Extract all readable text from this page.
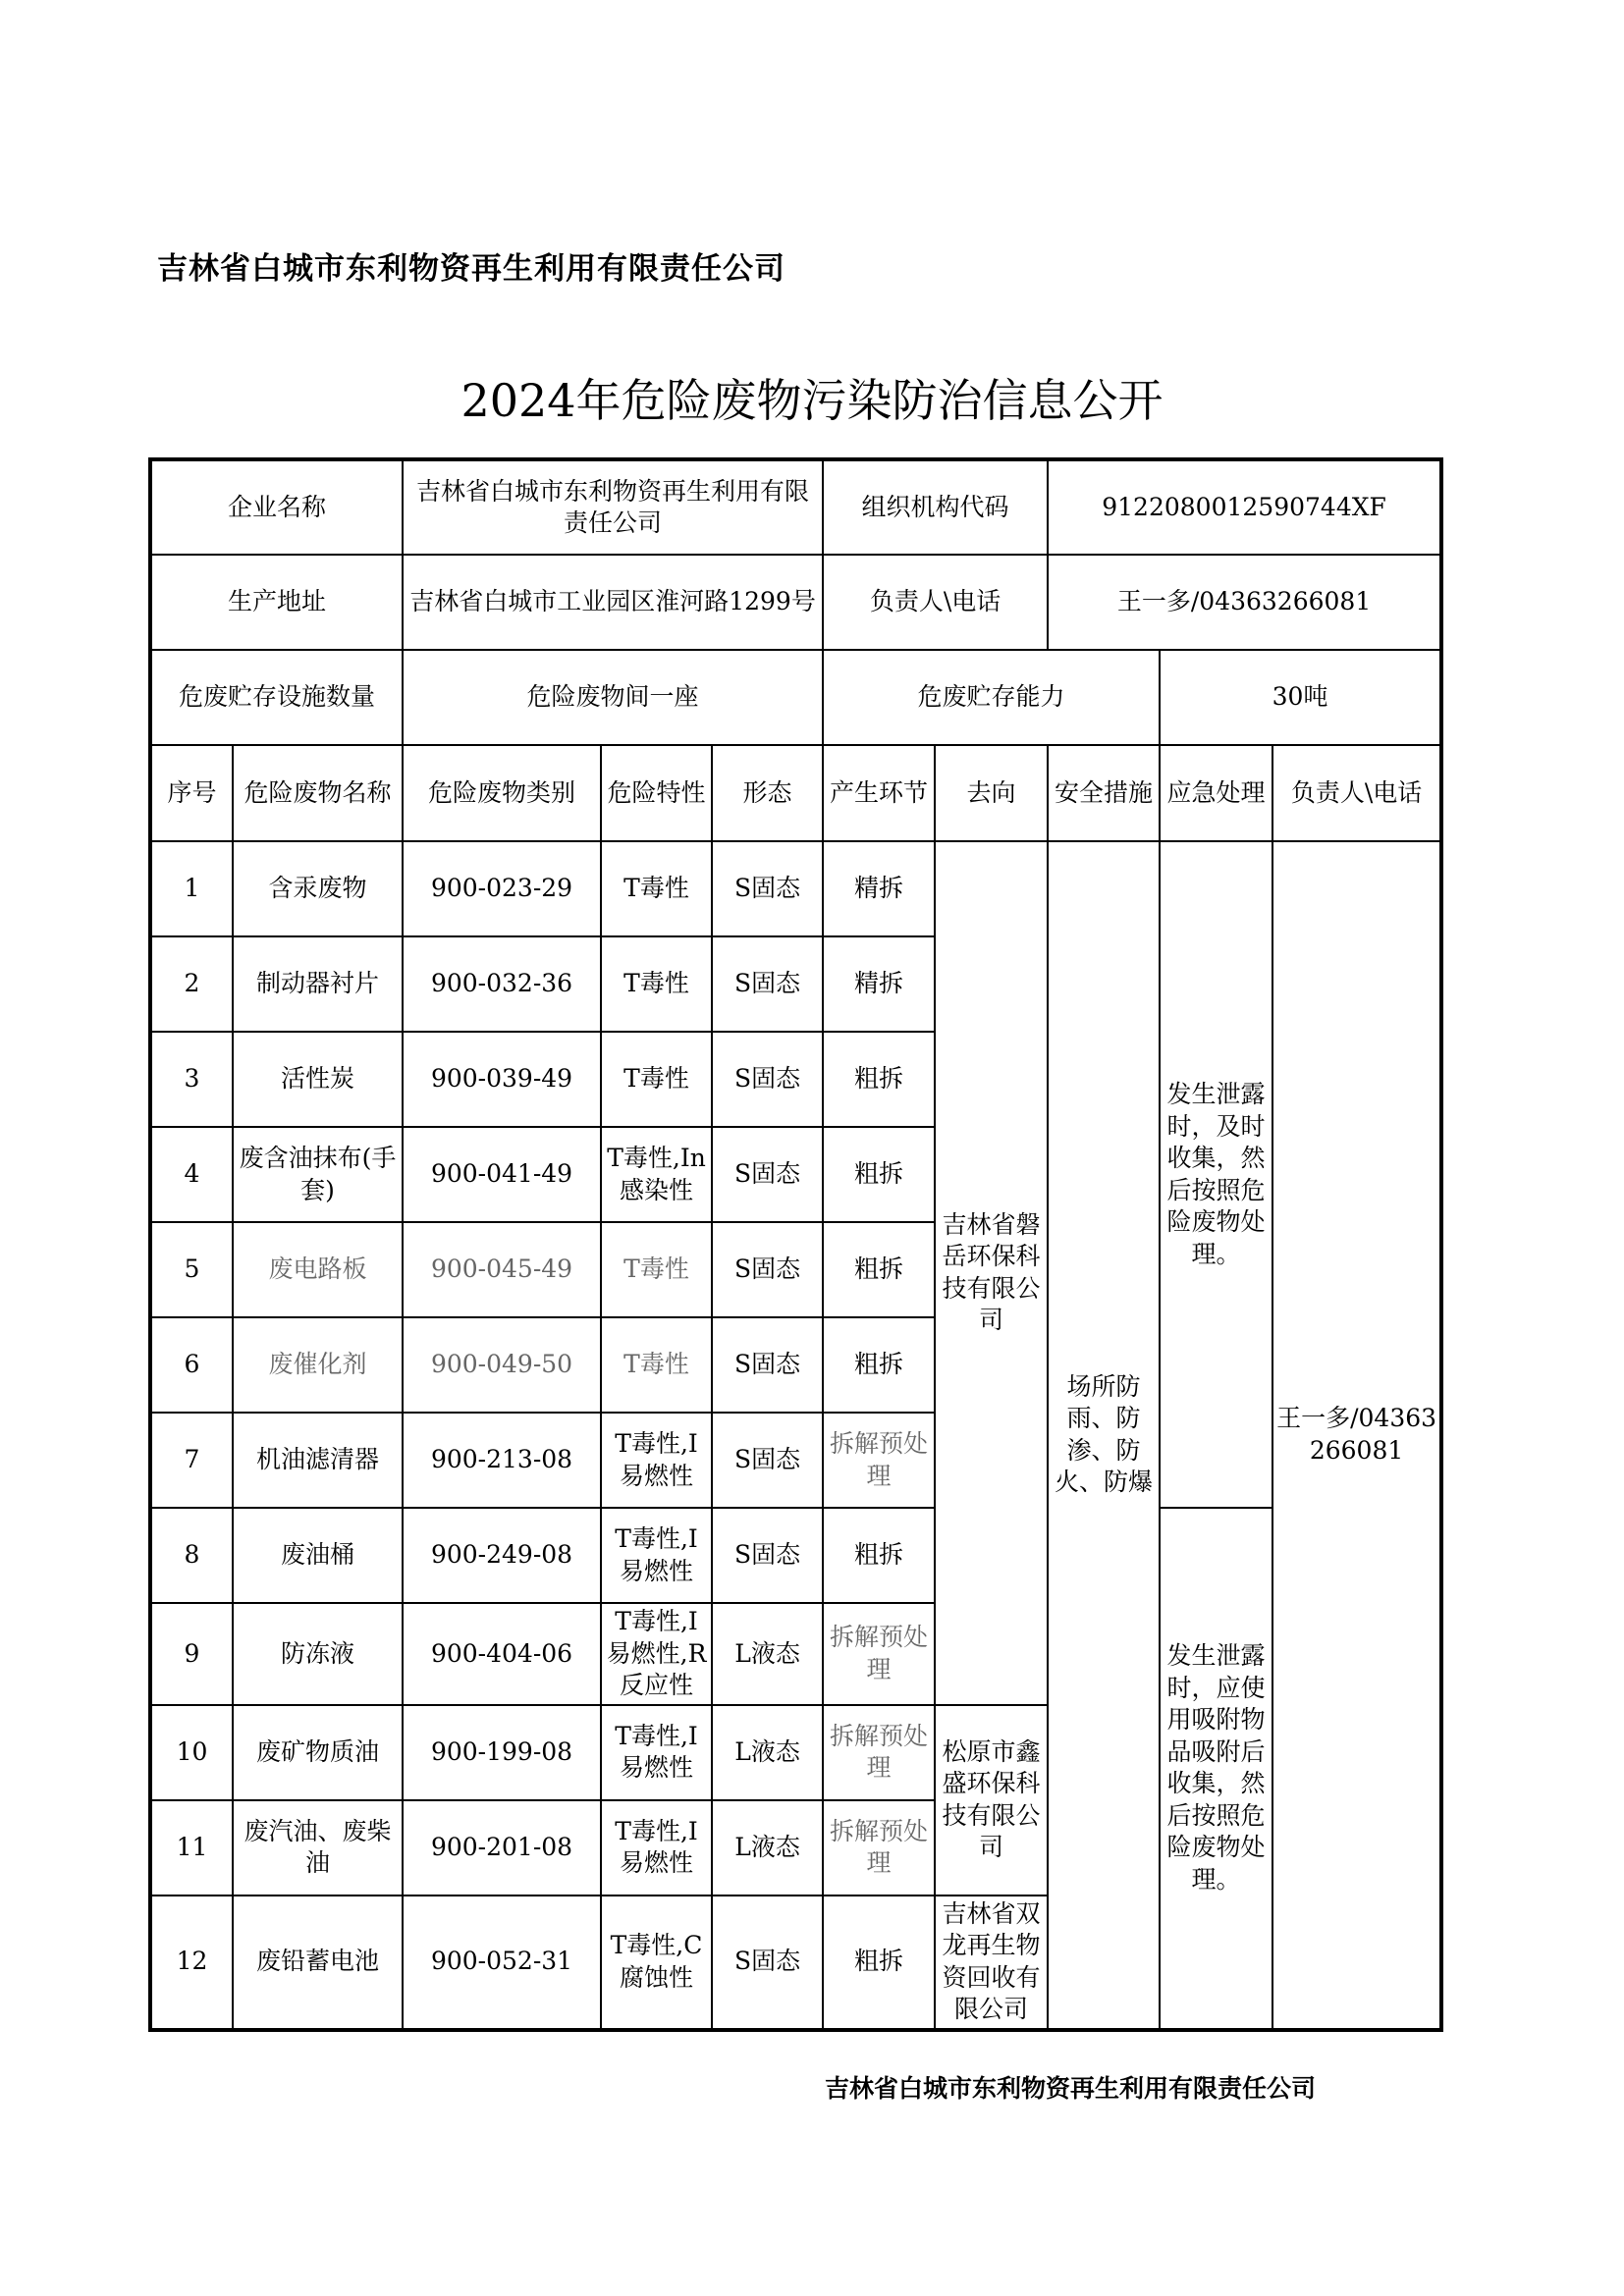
吉林省白城市东利物资再生利用有限责任公司
2024年危险废物污染防治信息公开
企业名称		吉林省白城市东利物资再生利用有限责任公司			组织机构代码		9122080012590744XF		
生产地址		吉林省白城市工业园区淮河路1299号			负责人\电话		王一多/04363266081		
危废贮存设施数量		危险废物间一座			危废贮存能力			30吨	
序号	危险废物名称	危险废物类别	危险特性	形态	产生环节	去向	安全措施	应急处理	负责人\电话
1	含汞废物	900-023-29	T毒性	S固态	精拆	吉林省磐岳环保科技有限公司	场所防雨、防渗、防火、防爆	发生泄露时，及时收集，然后按照危险废物处理。	王一多/04363266081
2	制动器衬片	900-032-36	T毒性	S固态	精拆				
3	活性炭	900-039-49	T毒性	S固态	粗拆				
4	废含油抹布(手套)	900-041-49	T毒性,In感染性	S固态	粗拆				
5	废电路板	900-045-49	T毒性	S固态	粗拆				
6	废催化剂	900-049-50	T毒性	S固态	粗拆				
7	机油滤清器	900-213-08	T毒性,I易燃性	S固态	拆解预处理				
8	废油桶	900-249-08	T毒性,I易燃性	S固态	粗拆			发生泄露时，应使用吸附物品吸附后收集，然后按照危险废物处理。	
9	防冻液	900-404-06	T毒性,I易燃性,R反应性	L液态	拆解预处理				
10	废矿物质油	900-199-08	T毒性,I易燃性	L液态	拆解预处理	松原市鑫盛环保科技有限公司			
11	废汽油、废柴油	900-201-08	T毒性,I易燃性	L液态	拆解预处理				
12	废铅蓄电池	900-052-31	T毒性,C腐蚀性	S固态	粗拆	吉林省双龙再生物资回收有限公司			
吉林省白城市东利物资再生利用有限责任公司
